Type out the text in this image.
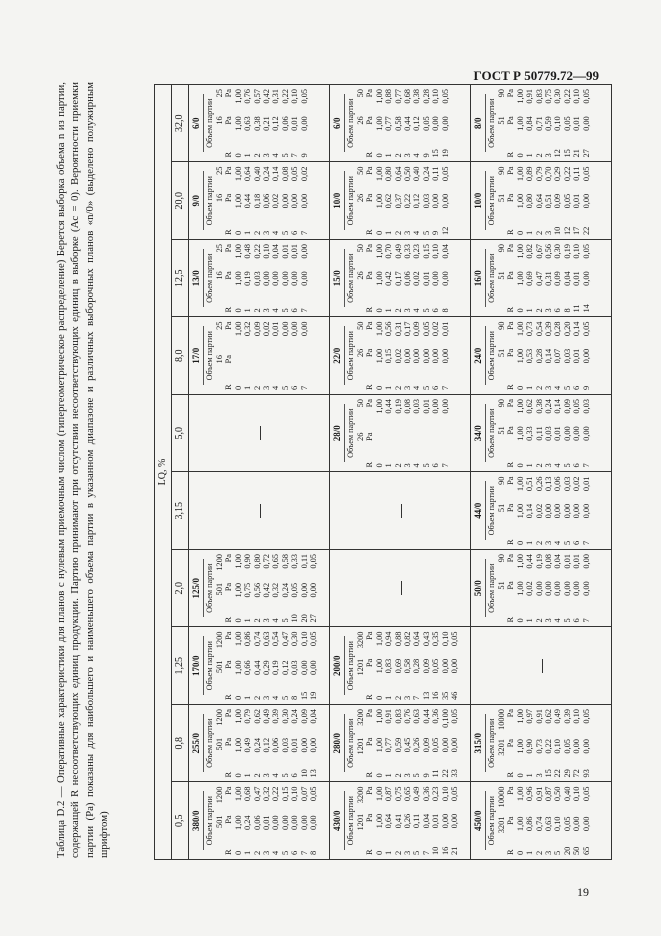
ГОСТ Р 50779.72—99
19
Таблица D.2 — Оперативные характеристики для планов с нулевым приемочным числом (гипергеометрическое распределение) Берется выборка объема n из партии, содержащей R несоответствующих единиц продукции. Партию принимают при отсутствии несоответствующих единиц в выборке (Ac = 0). Вероятности приемки партии (Pa) показаны для наибольшего и наименьшего объема партии в указанном диапазоне и различных выборочных планов «n/0» (выделено полужирным шрифтом)
LQ, %
0,5
0,8
1,25
2,0
3,15
5,0
8,0
12,5
20,0
32,0
380/0 Объем партии
	501	1200
R	Pa	Pa
0	1,00	1,00
1	0,24	0,68
2	0,06	0,47
3	0,01	0,32
4	0,00	0,22
5	0,00	0,15
6	0,00	0,10
7	0,00	0,07
8	0,00	0,05
255/0 Объем партии
	501	1200
R	Pa	Pa
0	1,00	1,00
1	0,49	0,79
2	0,24	0,62
3	0,12	0,49
4	0,06	0,39
5	0,03	0,30
6	0,01	0,24
10	0,00	0,09
13	0,00	0,04
170/0 Объем партии
	501	1200
R	Pa	Pa
0	1,00	1,00
1	0,66	0,86
2	0,44	0,74
3	0,29	0,63
4	0,19	0,54
5	0,12	0,47
8	0,03	0,30
15	0,00	0,10
19	0,00	0,05
125/0 Объем партии
	501	1200
R	Pa	Pa
0	1,00	1,00
1	0,75	0,90
2	0,56	0,80
3	0,42	0,72
4	0,32	0,65
5	0,24	0,58
10	0,05	0,33
20	0,00	0,11
27	0,00	0,05
17/0 Объем партии
	16	25
R	Pa	Pa
0		1,00
1		0,32
2		0,09
3		0,02
4		0,01
5		0,00
6		0,00
7		0,00
13/0 Объем партии
	16	25
R	Pa	Pa
0	1,00	1,00
1	0,19	0,48
2	0,03	0,22
3	0,00	0,10
4	0,00	0,04
5	0,00	0,01
6	0,00	0,01
7	0,00	0,00
9/0 Объем партии
	16	25
R	Pa	Pa
0	1,00	1,00
1	0,44	0,64
2	0,18	0,40
3	0,06	0,24
4	0,02	0,14
5	0,00	0,08
6	0,00	0,05
7	0,00	0,02
6/0 Объем партии
	16	25
R	Pa	Pa
0	1,00	1,00
1	0,63	0,76
2	0,38	0,57
3	0,21	0,42
4	0,12	0,31
5	0,06	0,22
7	0,01	0,10
9	0,00	0,05
430/0 Объем партии
	1201	3200
R	Pa	Pa
0	1,00	1,00
1	0,64	0,87
2	0,41	0,75
3	0,26	0,65
5	0,11	0,49
7	0,04	0,36
10	0,01	0,23
16	0,00	0,10
21	0,00	0,05
280/0 Объем партии
	1201	3200
R	Pa	Pa
0	1,00	1,00
1	0,77	0,91
2	0,59	0,83
3	0,45	0,76
5	0,26	0,63
9	0,09	0,44
11	0,05	0,36
22	0,00	0,100
33	0,00	0,05
200/0 Объем партии
	1201	3200
R	Pa	Pa
0	1,00	1,00
1	0,83	0,94
2	0,69	0,88
3	0,58	0,82
7	0,28	0,64
13	0,09	0,43
16	0,05	0,35
35	0,00	0,10
46	0,00	0,05
28/0 Объем партии
	26	50
R	Pa	Pa
0		1,00
1		0,44
2		0,19
3		0,08
4		0,03
5		0,01
6		0,00
7		0,00
22/0 Объем партии
	26	50
R	Pa	Pa
0	1,00	1,00
1	0,15	0,56
2	0,02	0,31
3	0,00	0,17
4	0,00	0,09
5	0,00	0,05
6	0,00	0,02
7	0,00	0,01
15/0 Объем партии
	26	50
R	Pa	Pa
0	1,00	1,00
1	0,42	0,70
2	0,17	0,49
3	0,06	0,33
4	0,02	0,23
5	0,01	0,15
6	0,00	0,10
8	0,00	0,04
10/0 Объем партии
	26	50
R	Pa	Pa
0	1,00	1,00
1	0,62	0,80
2	0,37	0,64
3	0,22	0,50
4	0,12	0,40
5	0,03	0,24
9	0,00	0,11
12	0,00	0,05
6/0 Объем партии
	26	50
R	Pa	Pa
0	1,00	1,00
1	0,77	0,88
2	0,58	0,77
3	0,44	0,68
4	0,12	0,38
9	0,05	0,28
15	0,00	0,10
19	0,00	0,05
450/0 Объем партии
	3201	10000
R	Pa	Pa
0	1,00	1,00
1	0,86	0,96
2	0,74	0,91
3	0,63	0,87
5	0,10	0,50
20	0,05	0,40
50	0,00	0,10
65	0,00	0,05
315/0 Объем партии
	3201	10000
R	Pa	Pa
0	1,00	1,00
1	0,90	0,97
3	0,73	0,91
15	0,22	0,62
22	0,10	0,49
29	0,05	0,39
72	0,00	0,10
93	0,00	0,05
50/0 Объем партии
	51	90
R	Pa	Pa
0	1,00	1,00
1	0,02	0,44
2	0,00	0,19
3	0,00	0,08
4	0,00	0,04
5	0,00	0,01
6	0,00	0,01
7	0,00	0,00
44/0 Объем партии
	51	90
R	Pa	Pa
0	1,00	1,00
1	0,14	0,51
2	0,02	0,26
3	0,00	0,13
4	0,00	0,06
5	0,00	0,03
6	0,00	0,02
7	0,00	0,01
34/0 Объем партии
	51	90
R	Pa	Pa
0	1,00	1,00
1	0,33	0,62
2	0,11	0,38
3	0,03	0,24
4	0,01	0,14
5	0,00	0,09
6	0,00	0,05
7	0,00	0,03
24/0 Объем партии
	51	90
R	Pa	Pa
0	1,00	1,00
1	0,53	0,73
2	0,28	0,54
3	0,14	0,39
4	0,07	0,28
5	0,03	0,20
6	0,01	0,14
9	0,00	0,05
16/0 Объем партии
	51	90
R	Pa	Pa
0	1,00	1,00
1	0,69	0,82
2	0,47	0,67
3	0,31	0,56
6	0,09	0,30
8	0,04	0,19
11	0,01	0,10
14	0,00	0,05
10/0 Объем партии
	51	90
R	Pa	Pa
0	1,00	1,00
1	0,80	0,89
2	0,64	0,79
3	0,51	0,70
10	0,09	0,29
12	0,05	0,22
17	0,01	0,11
22	0,00	0,05
8/0 Объем партии
	51	90
R	Pa	Pa
0	1,00	1,00
1	0,84	0,91
2	0,71	0,83
3	0,59	0,75
12	0,10	0,30
15	0,05	0,22
21	0,01	0,10
27	0,00	0,05
